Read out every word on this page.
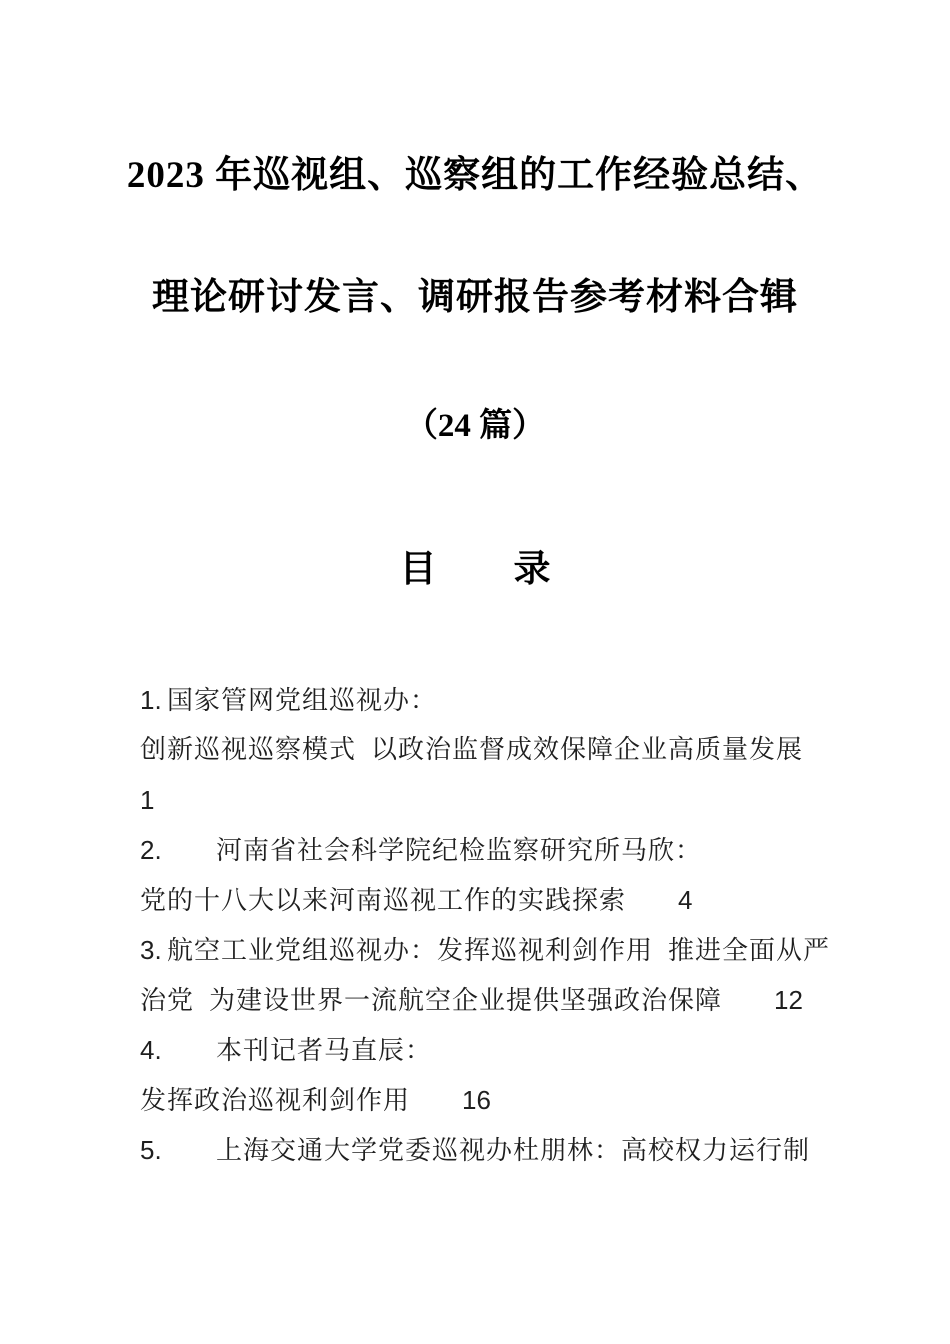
2023 年巡视组、巡察组的工作经验总结、
理论研讨发言、调研报告参考材料合辑
（24 篇）
目 录
1. 国家管网党组巡视办：
创新巡视巡察模式  以政治监督成效保障企业高质量发展
1
2. 河南省社会科学院纪检监察研究所马欣：
党的十八大以来河南巡视工作的实践探索 4
3. 航空工业党组巡视办：发挥巡视利剑作用  推进全面从严
治党  为建设世界一流航空企业提供坚强政治保障 12
4. 本刊记者马直辰：
发挥政治巡视利剑作用 16
5. 上海交通大学党委巡视办杜朋林：高校权力运行制
